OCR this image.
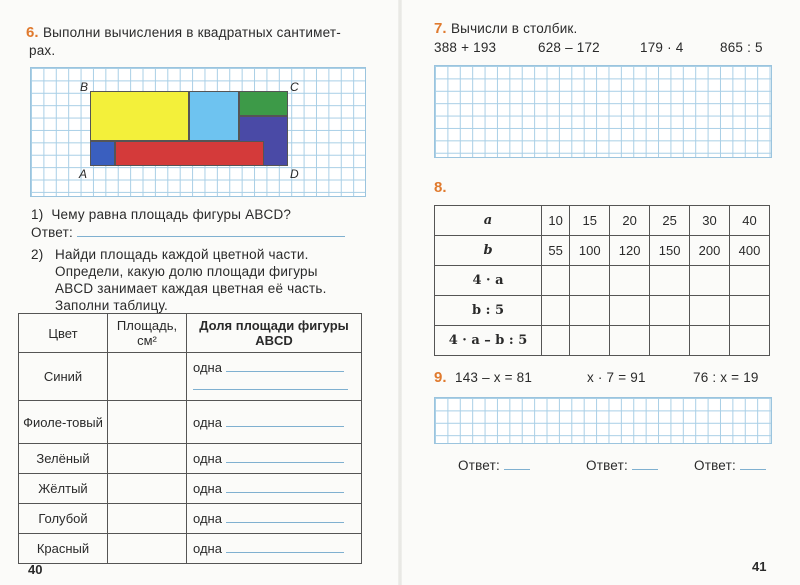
6. Выполни вычисления в квадратных сантимет-
рах.
B	C
A	D
1) Чему равна площадь фигуры ABCD?
Ответ:
2) Найди площадь каждой цветной части.
Определи, какую долю площади фигуры
ABCD занимает каждая цветная её часть.
Заполни таблицу.
Цвет	Площадь, см²	Доля площади фигуры ABCD
Синий		одна

Фиоле-товый		одна
Зелёный		одна
Жёлтый		одна
Голубой		одна
Красный		одна
40
7. Вычисли в столбик.
388 + 193	628 – 172	179 · 4	865 : 5
8.
a	10	15	20	25	30	40
b	55	100	120	150	200	400
4 · a						
b : 5						
4 · a – b : 5						
9. 143 – x = 81	x · 7 = 91	76 : x = 19
Ответ:	Ответ:	Ответ:
41
